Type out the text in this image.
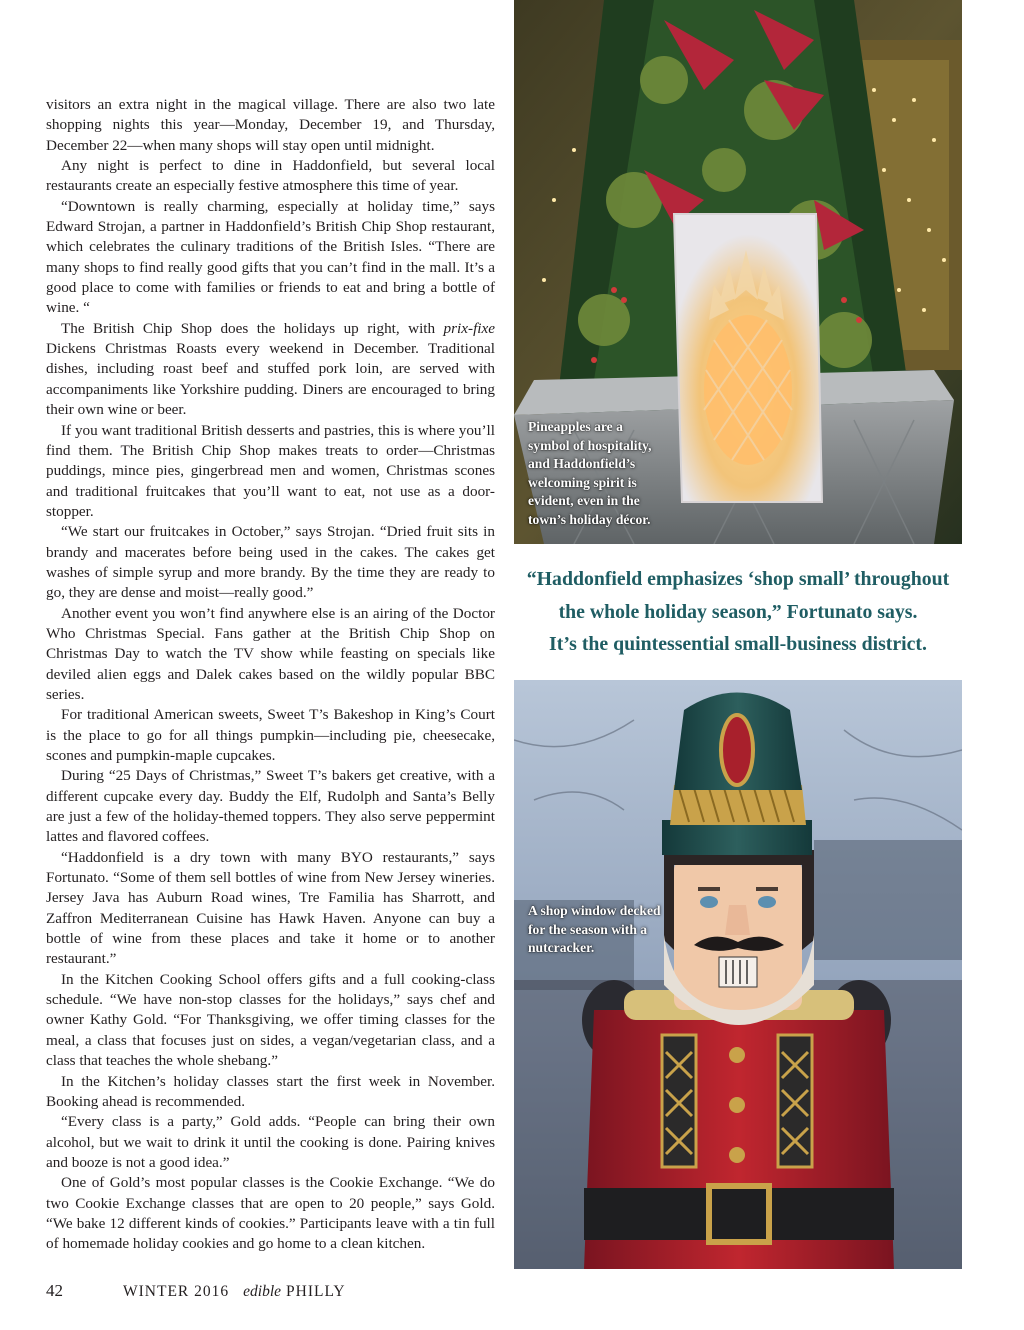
visitors an extra night in the magical village. There are also two late shopping nights this year—Monday, December 19, and Thursday, December 22—when many shops will stay open until midnight.

Any night is perfect to dine in Haddonfield, but several local restaurants create an especially festive atmosphere this time of year.

“Downtown is really charming, especially at holiday time,” says Edward Strojan, a partner in Haddonfield’s British Chip Shop restaurant, which celebrates the culinary traditions of the British Isles. “There are many shops to find really good gifts that you can’t find in the mall. It’s a good place to come with families or friends to eat and bring a bottle of wine. “

The British Chip Shop does the holidays up right, with prix-fixe Dickens Christmas Roasts every weekend in December. Traditional dishes, including roast beef and stuffed pork loin, are served with accompaniments like Yorkshire pudding. Diners are encouraged to bring their own wine or beer.

If you want traditional British desserts and pastries, this is where you’ll find them. The British Chip Shop makes treats to order—Christmas puddings, mince pies, gingerbread men and women, Christmas scones and traditional fruitcakes that you’ll want to eat, not use as a door-stopper.

“We start our fruitcakes in October,” says Strojan. “Dried fruit sits in brandy and macerates before being used in the cakes. The cakes get washes of simple syrup and more brandy. By the time they are ready to go, they are dense and moist—really good.”

Another event you won’t find anywhere else is an airing of the Doctor Who Christmas Special. Fans gather at the British Chip Shop on Christmas Day to watch the TV show while feasting on specials like deviled alien eggs and Dalek cakes based on the wildly popular BBC series.

For traditional American sweets, Sweet T’s Bakeshop in King’s Court is the place to go for all things pumpkin—including pie, cheesecake, scones and pumpkin-maple cupcakes.

During “25 Days of Christmas,” Sweet T’s bakers get creative, with a different cupcake every day. Buddy the Elf, Rudolph and Santa’s Belly are just a few of the holiday-themed toppers. They also serve peppermint lattes and flavored coffees.

“Haddonfield is a dry town with many BYO restaurants,” says Fortunato. “Some of them sell bottles of wine from New Jersey wineries. Jersey Java has Auburn Road wines, Tre Familia has Sharrott, and Zaffron Mediterranean Cuisine has Hawk Haven. Anyone can buy a bottle of wine from these places and take it home or to another restaurant.”

In the Kitchen Cooking School offers gifts and a full cooking-class schedule. “We have non-stop classes for the holidays,” says chef and owner Kathy Gold. “For Thanksgiving, we offer timing classes for the meal, a class that focuses just on sides, a vegan/vegetarian class, and a class that teaches the whole shebang.”

In the Kitchen’s holiday classes start the first week in November. Booking ahead is recommended.

“Every class is a party,” Gold adds. “People can bring their own alcohol, but we wait to drink it until the cooking is done. Pairing knives and booze is not a good idea.”

One of Gold’s most popular classes is the Cookie Exchange. “We do two Cookie Exchange classes that are open to 20 people,” says Gold. “We bake 12 different kinds of cookies.” Participants leave with a tin full of homemade holiday cookies and go home to a clean kitchen.

Pineapples are a symbol of hospitality, and Haddonfield’s welcoming spirit is evident, even in the town’s holiday décor.
“Haddonfield emphasizes ‘shop small’ throughout
the whole holiday season,” Fortunato says.
It’s the quintessential small-business district.
A shop window decked for the season with a nutcracker.
42	WINTER 2016 edible PHILLY
